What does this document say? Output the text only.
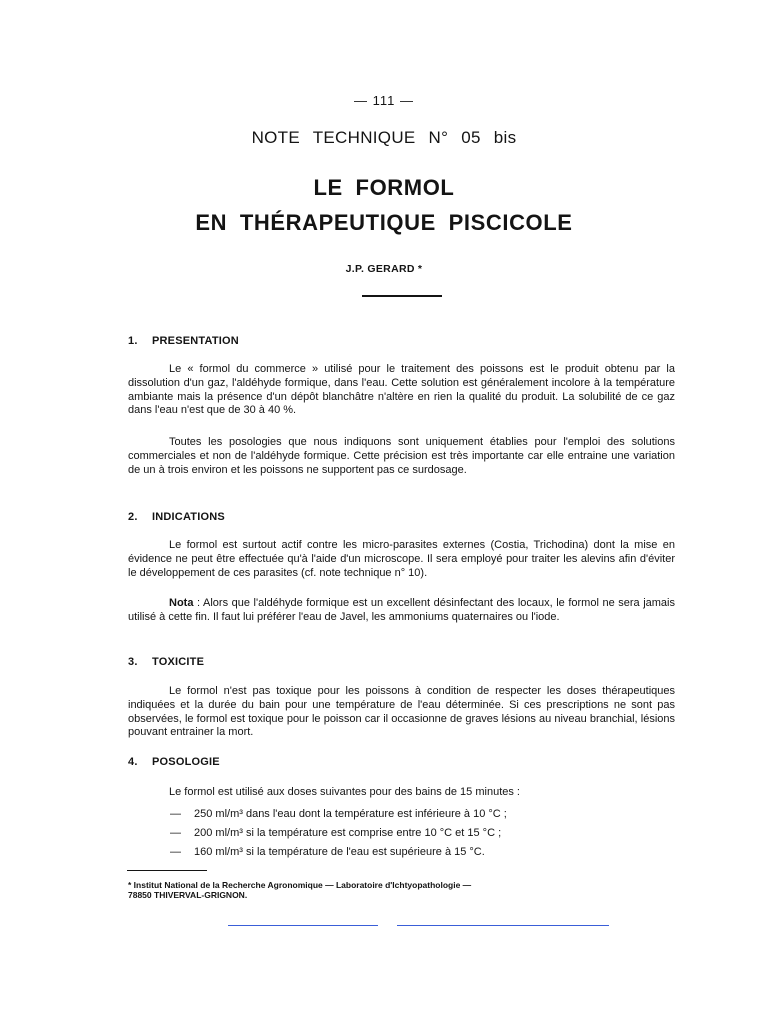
— 111 —
NOTE TECHNIQUE N° 05 bis
LE FORMOL
EN THÉRAPEUTIQUE PISCICOLE
J.P. GERARD *
1. PRESENTATION

Le « formol du commerce » utilisé pour le traitement des poissons est le produit obtenu par la dissolution d'un gaz, l'aldéhyde formique, dans l'eau. Cette solution est généralement incolore à la température ambiante mais la présence d'un dépôt blanchâtre n'altère en rien la qualité du produit. La solubilité de ce gaz dans l'eau n'est que de 30 à 40 %.

Toutes les posologies que nous indiquons sont uniquement établies pour l'emploi des solutions commerciales et non de l'aldéhyde formique. Cette précision est très importante car elle entraine une variation de un à trois environ et les poissons ne supportent pas ce surdosage.

2. INDICATIONS

Le formol est surtout actif contre les micro-parasites externes (Costia, Trichodina) dont la mise en évidence ne peut être effectuée qu'à l'aide d'un microscope. Il sera employé pour traiter les alevins afin d'éviter le développement de ces parasites (cf. note technique n° 10).

Nota : Alors que l'aldéhyde formique est un excellent désinfectant des locaux, le formol ne sera jamais utilisé à cette fin. Il faut lui préférer l'eau de Javel, les ammoniums quaternaires ou l'iode.

3. TOXICITE

Le formol n'est pas toxique pour les poissons à condition de respecter les doses thérapeutiques indiquées et la durée du bain pour une température de l'eau déterminée. Si ces prescriptions ne sont pas observées, le formol est toxique pour le poisson car il occasionne de graves lésions au niveau branchial, lésions pouvant entrainer la mort.

4. POSOLOGIE

Le formol est utilisé aux doses suivantes pour des bains de 15 minutes :

— 250 ml/m³ dans l'eau dont la température est inférieure à 10 °C ;
— 200 ml/m³ si la température est comprise entre 10 °C et 15 °C ;
— 160 ml/m³ si la température de l'eau est supérieure à 15 °C.
* Institut National de la Recherche Agronomique — Laboratoire d'Ichtyopathologie —
78850 THIVERVAL-GRIGNON.
